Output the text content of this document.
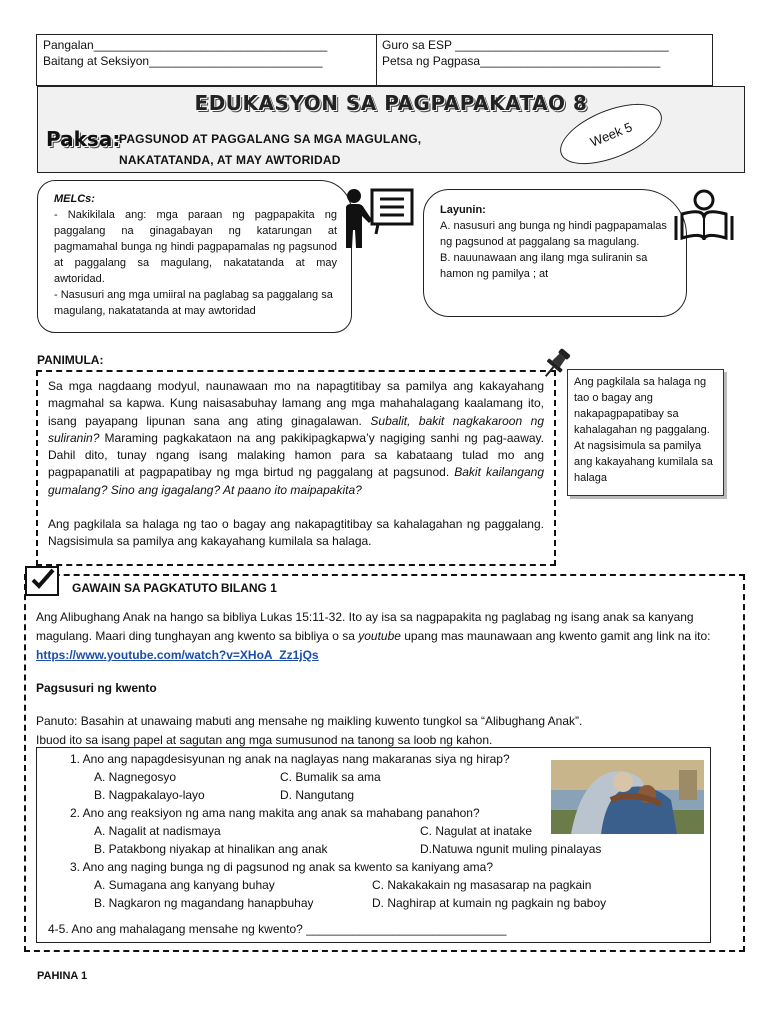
Pangalan___________________________________
Baitang at Seksiyon__________________________
Guro sa ESP ________________________________
Petsa ng Pagpasa___________________________
EDUKASYON SA PAGPAPAKATAO 8
Paksa:
PAGSUNOD AT PAGGALANG SA MGA MAGULANG,
NAKATATANDA, AT MAY AWTORIDAD
Week 5
MELCs:
- Nakikilala ang: mga paraan ng pagpapakita ng paggalang na ginagabayan ng katarungan at pagmamahal bunga ng hindi pagpapamalas ng pagsunod at paggalang sa magulang, nakatatanda at may awtoridad.
- Nasusuri ang mga umiiral na paglabag sa paggalang sa magulang, nakatatanda at may awtoridad
Layunin:
A. nasusuri ang bunga ng hindi pagpapamalas ng pagsunod at paggalang sa magulang.
B. nauunawaan ang ilang mga suliranin sa hamon ng pamilya ; at
PANIMULA:

Sa mga nagdaang modyul, naunawaan mo na napagtitibay sa pamilya ang kakayahang magmahal sa kapwa. Kung naisasabuhay lamang ang mga mahahalagang kaalamang ito, isang payapang lipunan sana ang ating ginagalawan. Subalit, bakit nagkakaroon ng suliranin? Maraming pagkakataon na ang pakikipagkapwa’y nagiging sanhi ng pag-aaway. Dahil dito, tunay ngang isang malaking hamon para sa kabataang tulad mo ang pagpapanatili at pagpapatibay ng mga birtud ng paggalang at pagsunod. Bakit kailangang gumalang? Sino ang igagalang? At paano ito maipapakita?

Ang pagkilala sa halaga ng tao o bagay ang nakapagtitibay sa kahalagahan ng paggalang. Nagsisimula sa pamilya ang kakayahang kumilala sa halaga.

Ang pagkilala sa halaga ng tao o bagay ang nakapagpapatibay sa kahalagahan ng paggalang. At nagsisimula sa pamilya ang kakayahang kumilala sa halaga
GAWAIN SA PAGKATUTO BILANG 1

Ang Alibughang Anak na hango sa bibliya Lukas 15:11-32. Ito ay isa sa nagpapakita ng paglabag ng isang anak sa kanyang magulang. Maari ding tunghayan ang kwento sa bibliya o sa youtube upang mas maunawaan ang kwento gamit ang link na ito: https://www.youtube.com/watch?v=XHoA_Zz1jQs

Pagsusuri ng kwento

Panuto: Basahin at unawaing mabuti ang mensahe ng maikling kuwento tungkol sa “Alibughang Anak”.

Ibuod ito sa isang papel at sagutan ang mga sumusunod na tanong sa loob ng kahon.

1. Ano ang napagdesisyunan ng anak na naglayas nang makaranas siya ng hirap?
A. Nagnegosyo	C. Bumalik sa ama
B. Nagpakalayo-layo	D. Nangutang
2. Ano ang reaksiyon ng ama nang makita ang anak sa mahabang panahon?
A. Nagalit at nadismaya	C. Nagulat at inatake
B. Patakbong niyakap at hinalikan ang anak	D.Natuwa ngunit muling pinalayas
3. Ano ang naging bunga ng di pagsunod ng anak sa kwento sa kaniyang ama?
A. Sumagana ang kanyang buhay	C. Nakakakain ng masasarap na pagkain
B. Nagkaron ng magandang hanapbuhay	D. Naghirap at kumain ng pagkain ng baboy
4-5. Ano ang mahalagang mensahe ng kwento? ______________________________
PAHINA 1
